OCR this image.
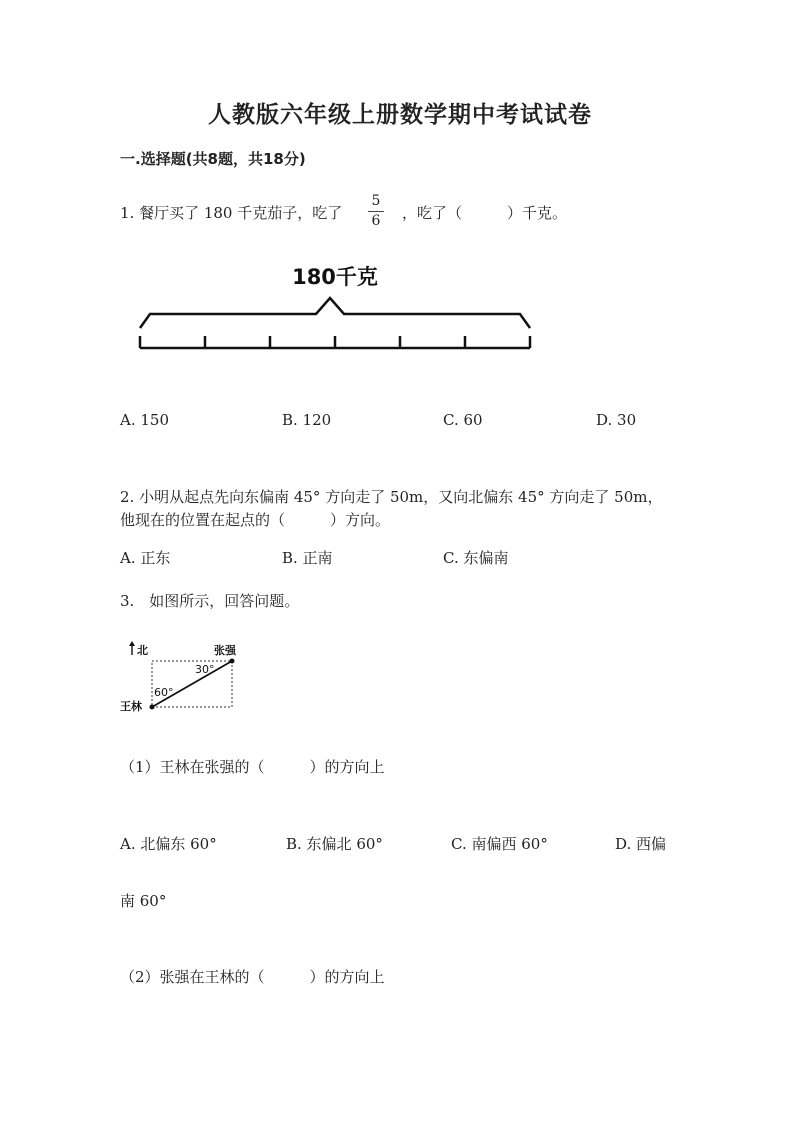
人教版六年级上册数学期中考试试卷
一.选择题(共8题，共18分)
1. 餐厅买了 180 千克茄子，吃了
5
6 ，吃了（　　　）千克。
180千克
A. 150	B. 120	C. 60	D. 30
2. 小明从起点先向东偏南 45° 方向走了 50m，又向北偏东 45° 方向走了 50m，
他现在的位置在起点的（　　　）方向。
A. 正东	B. 正南	C. 东偏南
3.　如图所示，回答问题。
北	张强
30°
60°
王林
（1）王林在张强的（　　　）的方向上
A. 北偏东 60°	B. 东偏北 60°	C. 南偏西 60°	D. 西偏
南 60°
（2）张强在王林的（　　　）的方向上
